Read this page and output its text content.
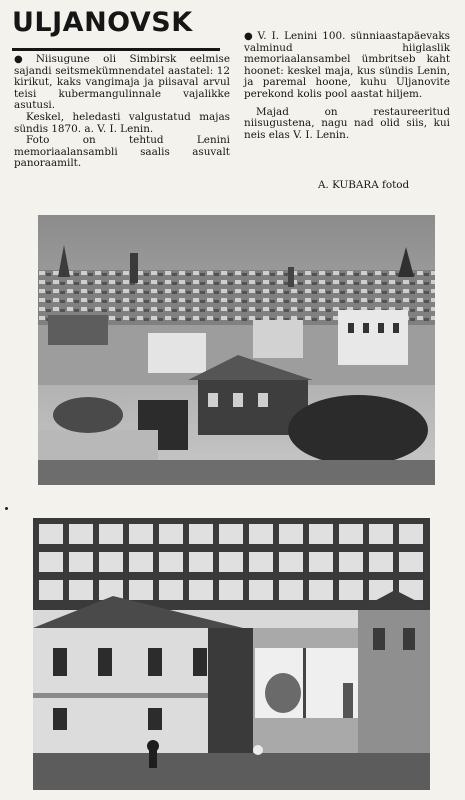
ULJANOVSK

● Niisugune oli Simbirsk eelmise sajandi seitsmekümnendatel aastatel: 12 kirikut, kaks vangimaja ja piisaval arvul teisi kubermangulinnale vajalikke asutusi.

Keskel, heledasti valgustatud majas sündis 1870. a. V. I. Lenin.

Foto on tehtud Lenini memoriaalansambli saalis asuvalt panoraamilt.

● V. I. Lenini 100. sünniaastapäevaks valminud hiiglaslik memoriaalansambel ümbritseb kaht hoonet: keskel maja, kus sündis Lenin, ja paremal hoone, kuhu Uljanovite perekond kolis pool aastat hiljem.

Majad on restaureeritud niisugustena, nagu nad olid siis, kui neis elas V. I. Lenin.

A. KUBARA fotod
